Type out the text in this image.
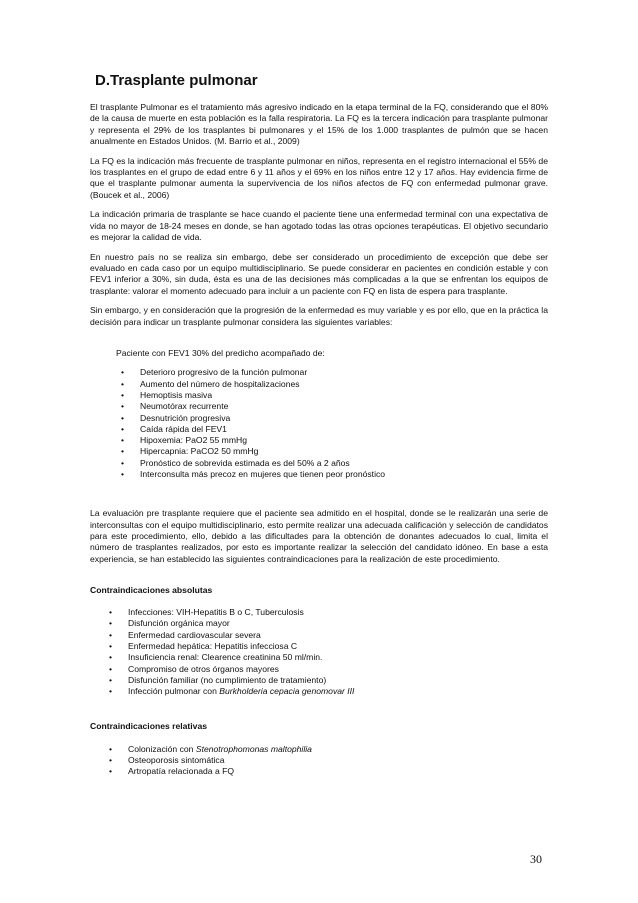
D.Trasplante pulmonar

El trasplante Pulmonar es el tratamiento más agresivo indicado en la etapa terminal de la FQ, considerando que el 80% de la causa de muerte en esta población es la falla respiratoria. La FQ es la tercera indicación para trasplante pulmonar y representa el 29% de los trasplantes bi pulmonares y el 15% de los 1.000 trasplantes de pulmón que se hacen anualmente en Estados Unidos. (M. Barrio et al., 2009)

La FQ es la indicación más frecuente de trasplante pulmonar en niños, representa en el registro internacional el 55% de los trasplantes en el grupo de edad entre 6 y 11 años y el 69% en los niños entre 12 y 17 años. Hay evidencia firme de que el trasplante pulmonar aumenta la supervivencia de los niños afectos de FQ con enfermedad pulmonar grave. (Boucek et al., 2006)

La indicación primaria de trasplante se hace cuando el paciente tiene una enfermedad terminal con una expectativa de vida no mayor de 18-24 meses en donde, se han agotado todas las otras opciones terapéuticas. El objetivo secundario es mejorar la calidad de vida.

En nuestro país no se realiza sin embargo, debe ser considerado un procedimiento de excepción que debe ser evaluado en cada caso por un equipo multidisciplinario. Se puede considerar en pacientes en condición estable y con FEV1 inferior a 30%, sin duda, ésta es una de las decisiones más complicadas a la que se enfrentan los equipos de trasplante: valorar el momento adecuado para incluir a un paciente con FQ en lista de espera para trasplante.

Sin embargo, y en consideración que la progresión de la enfermedad es muy variable y es por ello, que en la práctica la decisión para indicar un trasplante pulmonar considera las siguientes variables:

Paciente con FEV1 30% del predicho acompañado de:

• Deterioro progresivo de la función pulmonar
• Aumento del número de hospitalizaciones
• Hemoptisis masiva
• Neumotórax recurrente
• Desnutrición progresiva
• Caída rápida del FEV1
• Hipoxemia: PaO2 55 mmHg
• Hipercapnia: PaCO2 50 mmHg
• Pronóstico de sobrevida estimada es del 50% a 2 años
• Interconsulta más precoz en mujeres que tienen peor pronóstico

La evaluación pre trasplante requiere que el paciente sea admitido en el hospital, donde se le realizarán una serie de interconsultas con el equipo multidisciplinario, esto permite realizar una adecuada calificación y selección de candidatos para este procedimiento, ello, debido a las dificultades para la obtención de donantes adecuados lo cual, limita el número de trasplantes realizados, por esto es importante realizar la selección del candidato idóneo. En base a esta experiencia, se han establecido las siguientes contraindicaciones para la realización de este procedimiento.

Contraindicaciones absolutas

• Infecciones: VIH-Hepatitis B o C, Tuberculosis
• Disfunción orgánica mayor
• Enfermedad cardiovascular severa
• Enfermedad hepática: Hepatitis infecciosa C
• Insuficiencia renal: Clearence creatinina 50 ml/min.
• Compromiso de otros órganos mayores
• Disfunción familiar (no cumplimiento de tratamiento)
• Infección pulmonar con Burkholderia cepacia genomovar III

Contraindicaciones relativas

• Colonización con Stenotrophomonas maltophilia
• Osteoporosis sintomática
• Artropatía relacionada a FQ
30
